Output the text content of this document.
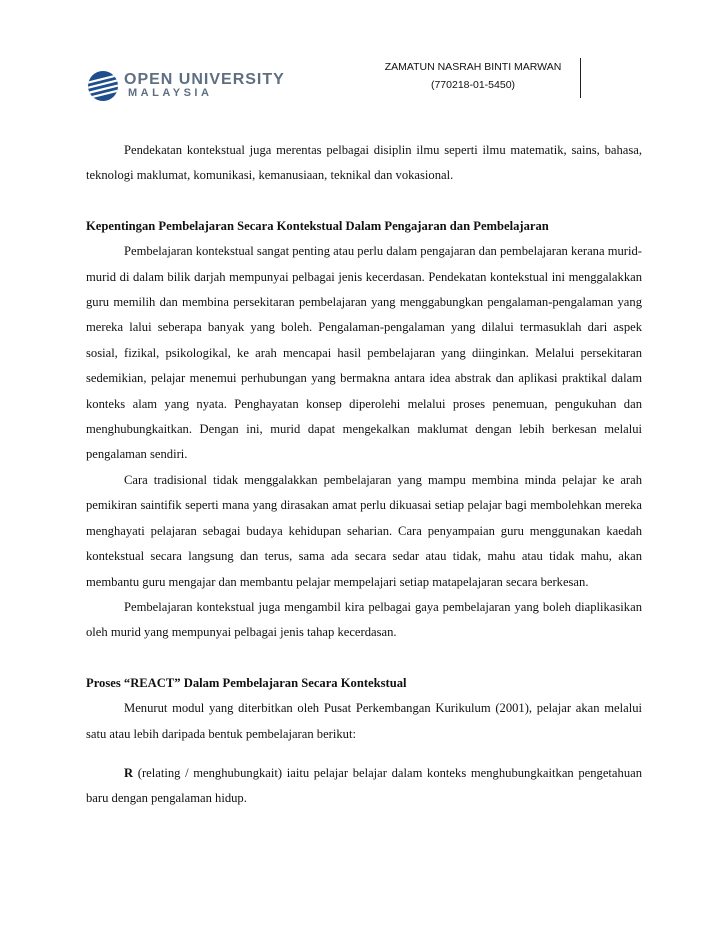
OPEN UNIVERSITY
MALAYSIA
ZAMATUN NASRAH BINTI MARWAN
(770218-01-5450)

Pendekatan kontekstual juga merentas pelbagai disiplin ilmu seperti ilmu matematik, sains, bahasa, teknologi maklumat, komunikasi, kemanusiaan, teknikal dan vokasional.

Kepentingan Pembelajaran Secara Kontekstual Dalam Pengajaran dan Pembelajaran

Pembelajaran kontekstual sangat penting atau perlu dalam pengajaran dan pembelajaran kerana murid-murid di dalam bilik darjah mempunyai pelbagai jenis kecerdasan. Pendekatan kontekstual ini menggalakkan guru memilih dan membina persekitaran pembelajaran yang menggabungkan pengalaman-pengalaman yang mereka lalui seberapa banyak yang boleh. Pengalaman-pengalaman yang dilalui termasuklah dari aspek sosial, fizikal, psikologikal, ke arah mencapai hasil pembelajaran yang diinginkan. Melalui persekitaran sedemikian, pelajar menemui perhubungan yang bermakna antara idea abstrak dan aplikasi praktikal dalam konteks alam yang nyata. Penghayatan konsep diperolehi melalui proses penemuan, pengukuhan dan menghubungkaitkan. Dengan ini, murid dapat mengekalkan maklumat dengan lebih berkesan melalui pengalaman sendiri.

Cara tradisional tidak menggalakkan pembelajaran yang mampu membina minda pelajar ke arah pemikiran saintifik seperti mana yang dirasakan amat perlu dikuasai setiap pelajar bagi membolehkan mereka menghayati pelajaran sebagai budaya kehidupan seharian. Cara penyampaian guru menggunakan kaedah kontekstual secara langsung dan terus, sama ada secara sedar atau tidak, mahu atau tidak mahu, akan membantu guru mengajar dan membantu pelajar mempelajari setiap matapelajaran secara berkesan.

Pembelajaran kontekstual juga mengambil kira pelbagai gaya pembelajaran yang boleh diaplikasikan oleh murid yang mempunyai pelbagai jenis tahap kecerdasan.

Proses “REACT” Dalam Pembelajaran Secara Kontekstual

Menurut modul yang diterbitkan oleh Pusat Perkembangan Kurikulum (2001), pelajar akan melalui satu atau lebih daripada bentuk pembelajaran berikut:

R (relating / menghubungkait) iaitu pelajar belajar dalam konteks menghubungkaitkan pengetahuan baru dengan pengalaman hidup.
